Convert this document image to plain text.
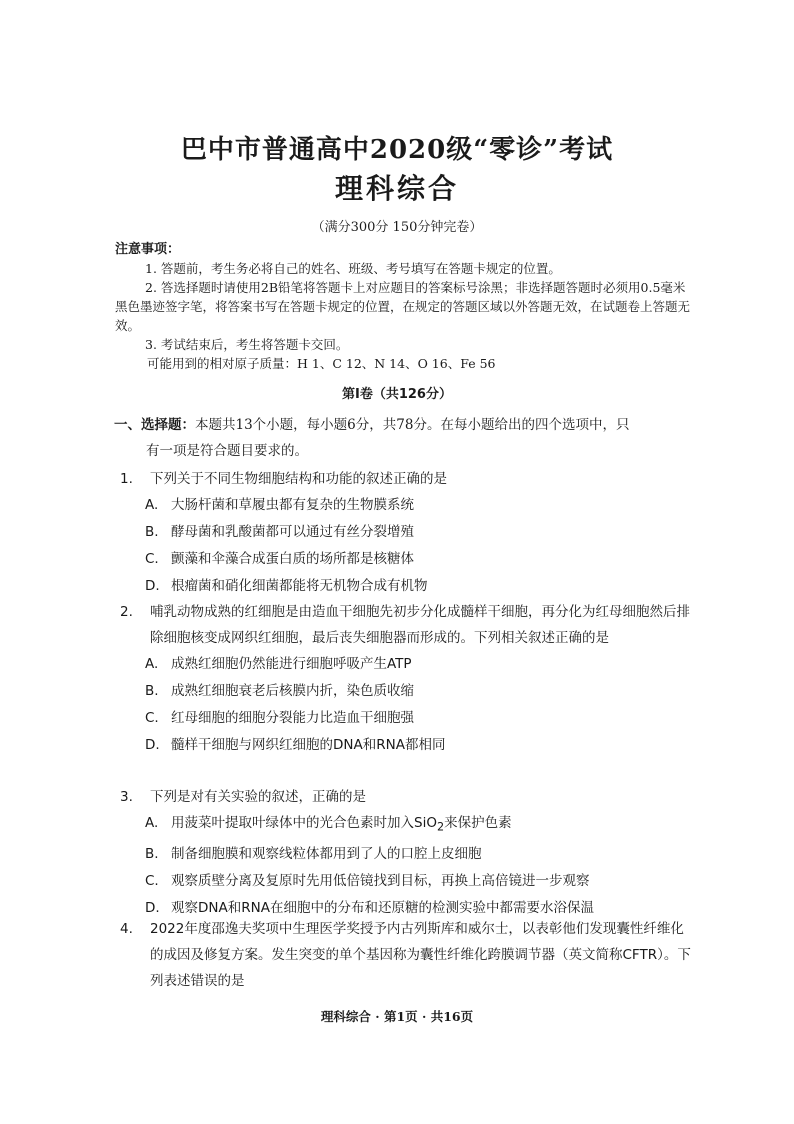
巴中市普通高中2020级“零诊”考试
理科综合
（满分300分 150分钟完卷）
注意事项：
1. 答题前，考生务必将自己的姓名、班级、考号填写在答题卡规定的位置。
2. 答选择题时请使用2B铅笔将答题卡上对应题目的答案标号涂黑；非选择题答题时必须用0.5毫米黑色墨迹签字笔，将答案书写在答题卡规定的位置，在规定的答题区域以外答题无效，在试题卷上答题无效。
3. 考试结束后，考生将答题卡交回。
可能用到的相对原子质量：H 1、C 12、N 14、O 16、Fe 56
第Ⅰ卷（共126分）
一、选择题：本题共13个小题，每小题6分，共78分。在每小题给出的四个选项中，只
有一项是符合题目要求的。
1.	下列关于不同生物细胞结构和功能的叙述正确的是
A. 大肠杆菌和草履虫都有复杂的生物膜系统
B. 酵母菌和乳酸菌都可以通过有丝分裂增殖
C. 颤藻和伞藻合成蛋白质的场所都是核糖体
D. 根瘤菌和硝化细菌都能将无机物合成有机物
2.	哺乳动物成熟的红细胞是由造血干细胞先初步分化成髓样干细胞，再分化为红母细胞然后排除细胞核变成网织红细胞，最后丧失细胞器而形成的。下列相关叙述正确的是
A. 成熟红细胞仍然能进行细胞呼吸产生ATP
B. 成熟红细胞衰老后核膜内折，染色质收缩
C. 红母细胞的细胞分裂能力比造血干细胞强
D. 髓样干细胞与网织红细胞的DNA和RNA都相同
3.	下列是对有关实验的叙述，正确的是
A. 用菠菜叶提取叶绿体中的光合色素时加入SiO$_2$来保护色素
B. 制备细胞膜和观察线粒体都用到了人的口腔上皮细胞
C. 观察质壁分离及复原时先用低倍镜找到目标，再换上高倍镜进一步观察
D. 观察DNA和RNA在细胞中的分布和还原糖的检测实验中都需要水浴保温
4.	2022年度邵逸夫奖项中生理医学奖授予内古列斯库和威尔士，以表彰他们发现囊性纤维化的成因及修复方案。发生突变的单个基因称为囊性纤维化跨膜调节器（英文简称CFTR）。下列表述错误的是
理科综合 · 第1页 · 共16页
